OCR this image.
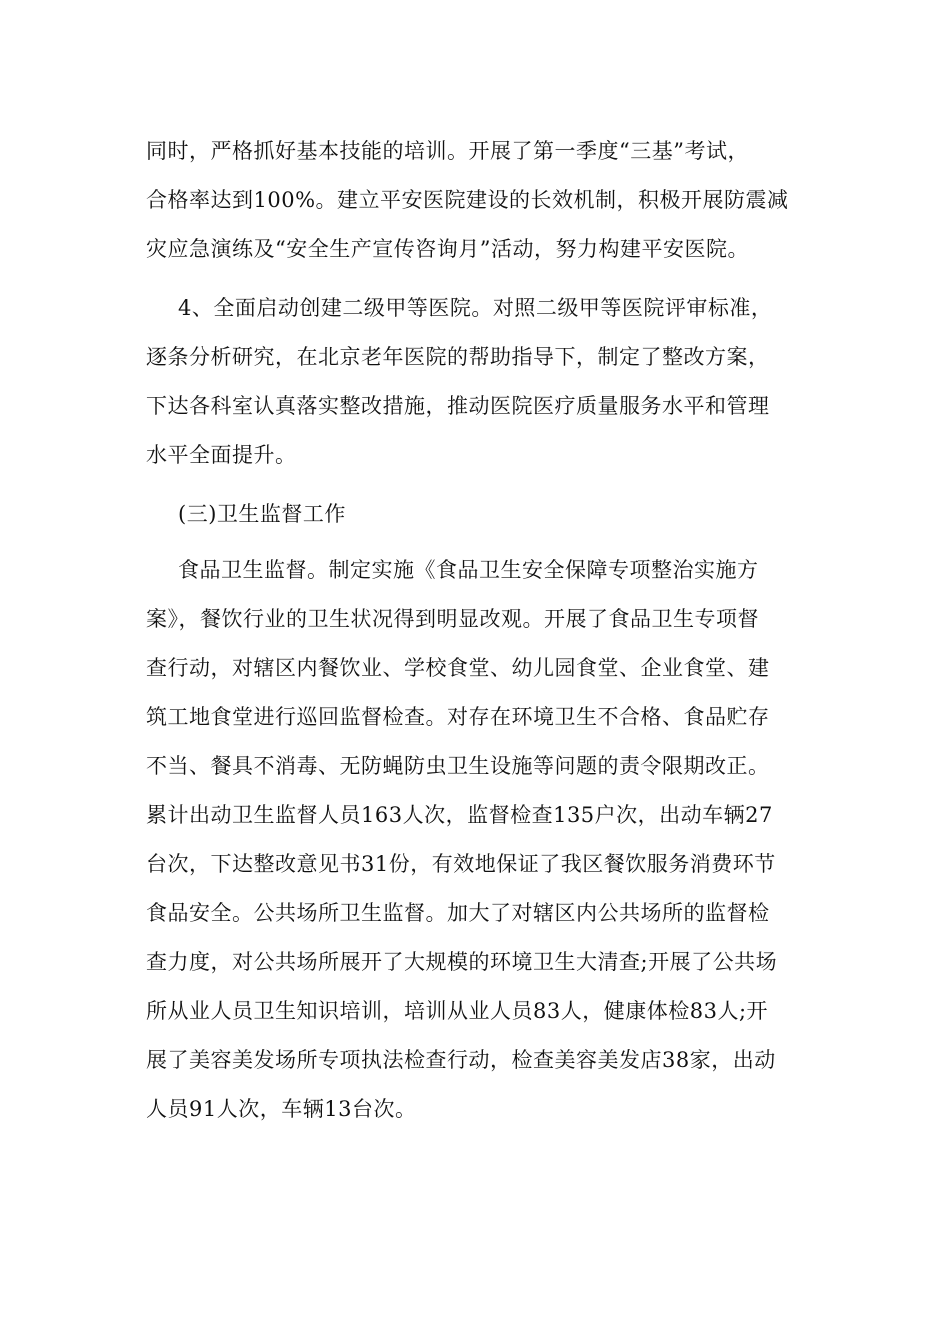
同时，严格抓好基本技能的培训。开展了第一季度“三基”考试，
合格率达到100%。建立平安医院建设的长效机制，积极开展防震减
灾应急演练及“安全生产宣传咨询月”活动，努力构建平安医院。
4、全面启动创建二级甲等医院。对照二级甲等医院评审标准，
逐条分析研究，在北京老年医院的帮助指导下，制定了整改方案，
下达各科室认真落实整改措施，推动医院医疗质量服务水平和管理
水平全面提升。
(三)卫生监督工作
食品卫生监督。制定实施《食品卫生安全保障专项整治实施方
案》，餐饮行业的卫生状况得到明显改观。开展了食品卫生专项督
查行动，对辖区内餐饮业、学校食堂、幼儿园食堂、企业食堂、建
筑工地食堂进行巡回监督检查。对存在环境卫生不合格、食品贮存
不当、餐具不消毒、无防蝇防虫卫生设施等问题的责令限期改正。
累计出动卫生监督人员163人次，监督检查135户次，出动车辆27
台次，下达整改意见书31份，有效地保证了我区餐饮服务消费环节
食品安全。公共场所卫生监督。加大了对辖区内公共场所的监督检
查力度，对公共场所展开了大规模的环境卫生大清查;开展了公共场
所从业人员卫生知识培训，培训从业人员83人，健康体检83人;开
展了美容美发场所专项执法检查行动，检查美容美发店38家，出动
人员91人次，车辆13台次。
